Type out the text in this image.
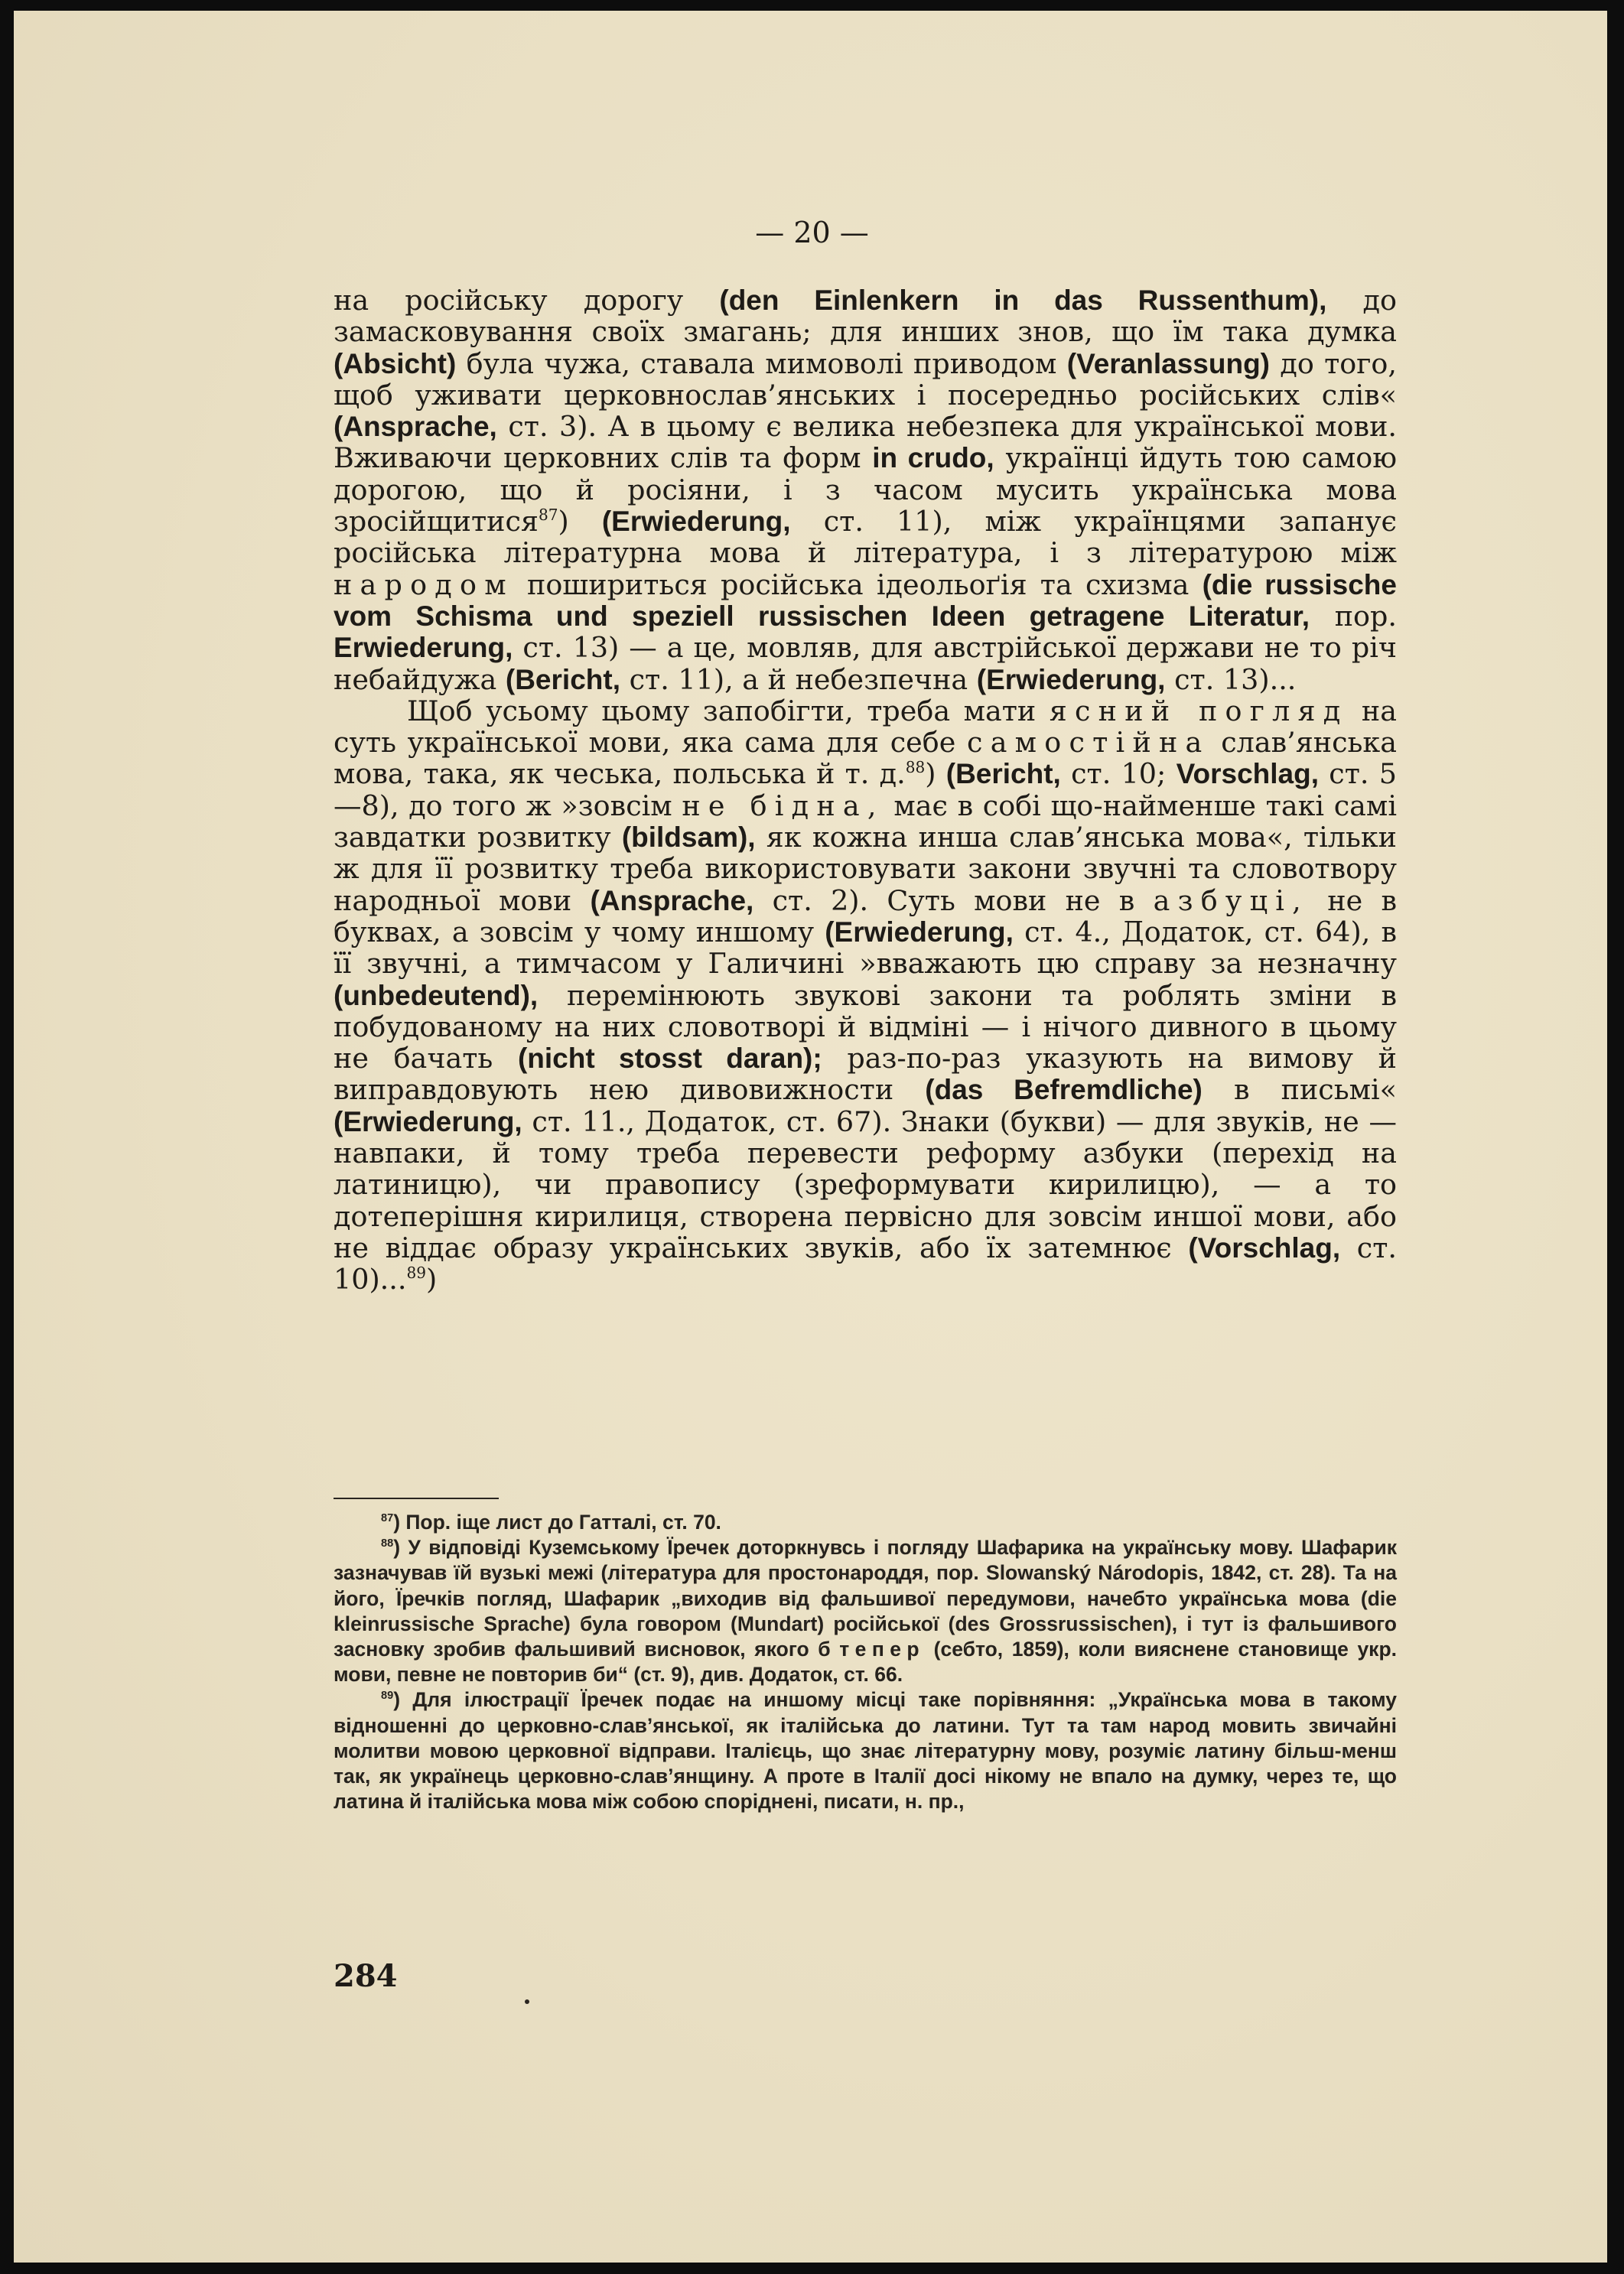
— 20 —

на російську дорогу (den Einlenkern in das Russenthum), до замасковування своїх змагань; для инших знов, що їм така думка (Absicht) була чужа, ставала мимоволі приводом (Veranlassung) до того, щоб уживати церковнослав’янських і посередньо російських слів« (Ansprache, ст. 3). А в цьому є велика небезпека для української мови. Вживаючи церковних слів та форм in crudo, українці йдуть тою самою дорогою, що й росіяни, і з часом мусить українська мова зросійщитися$^{87}$) (Erwiederung, ст. 11), між українцями запанує російська літературна мова й література, і з літературою між народом пошириться російська ідеольоґія та схизма (die russische vom Schisma und speziell russischen Ideen getragene Literatur, пор. Erwiederung, ст. 13) — а це, мовляв, для австрійської держави не то річ небайдужа (Bericht, ст. 11), а й небезпечна (Erwiederung, ст. 13)...

Щоб усьому цьому запобігти, треба мати ясний погляд на суть української мови, яка сама для себе самостійна слав’янська мова, така, як чеська, польська й т. д.$^{88}$) (Bericht, ст. 10; Vorschlag, ст. 5—8), до того ж »зовсім не бідна, має в собі що-найменше такі самі завдатки розвитку (bildsam), як кожна инша слав’янська мова«, тільки ж для її розвитку треба використовувати закони звучні та словотвору народньої мови (Ansprache, ст. 2). Суть мови не в азбуці, не в буквах, а зовсім у чому иншому (Erwiederung, ст. 4., Додаток, ст. 64), в її звучні, а тимчасом у Галичині »вважають цю справу за незначну (unbedeutend), перемінюють звукові закони та роблять зміни в побудованому на них словотворі й відміні — і нічого дивного в цьому не бачать (nicht stosst daran); раз-по-раз указують на вимову й виправдовують нею дивовижности (das Befremdliche) в письмі« (Erwiederung, ст. 11., Додаток, ст. 67). Знаки (букви) — для звуків, не — навпаки, й тому треба перевести реформу азбуки (перехід на латиницю), чи правопису (зреформувати кирилицю), — а то дотеперішня кирилиця, створена первісно для зовсім иншої мови, або не віддає образу українських звуків, або їх затемнює (Vorschlag, ст. 10)...$^{89}$)

$^{87}$) Пор. іще лист до Гатталі, ст. 70.

$^{88}$) У відповіді Куземському Їречек доторкнувсь і погляду Шафарика на українську мову. Шафарик зазначував їй вузькі межі (література для простонароддя, пор. Slowanský Národopis, 1842, ст. 28). Та на його, Їречків погляд, Шафарик „виходив від фальшивої передумови, начебто українська мова (die kleinrussische Sprache) була говором (Mundart) російської (des Grossrussischen), і тут із фальшивого засновку зробив фальшивий висновок, якого б тепер (себто, 1859), коли вияснене становище укр. мови, певне не повторив би“ (ст. 9), див. Додаток, ст. 66.

$^{89}$) Для ілюстрації Їречек подає на иншому місці таке порівняння: „Українська мова в такому відношенні до церковно-слав’янської, як італійська до латини. Тут та там народ мовить звичайні молитви мовою церковної відправи. Італієць, що знає літературну мову, розуміє латину більш-менш так, як українець церковно-слав’янщину. А проте в Італії досі нікому не впало на думку, через те, що латина й італійська мова між собою споріднені, писати, н. пр.,

284
